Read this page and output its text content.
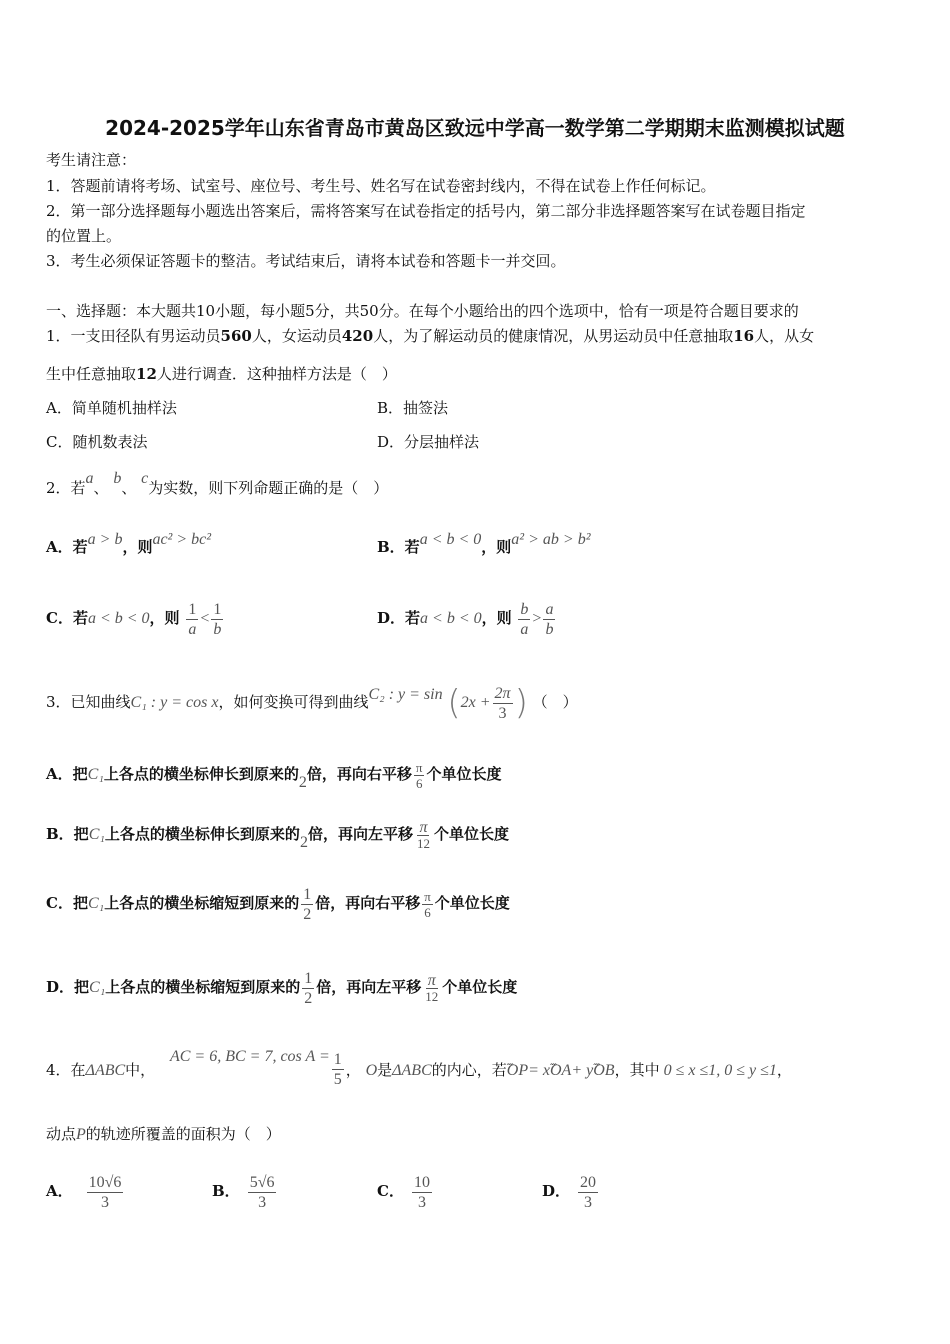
2024-2025学年山东省青岛市黄岛区致远中学高一数学第二学期期末监测模拟试题
考生请注意：
1．答题前请将考场、试室号、座位号、考生号、姓名写在试卷密封线内，不得在试卷上作任何标记。
2．第一部分选择题每小题选出答案后，需将答案写在试卷指定的括号内，第二部分非选择题答案写在试卷题目指定
的位置上。
3．考生必须保证答题卡的整洁。考试结束后，请将本试卷和答题卡一并交回。
一、选择题：本大题共10小题，每小题5分，共50分。在每个小题给出的四个选项中，恰有一项是符合题目要求的
1．一支田径队有男运动员560人，女运动员420人，为了解运动员的健康情况，从男运动员中任意抽取16人，从女
生中任意抽取12人进行调查．这种抽样方法是（　）
A．简单随机抽样法	B．抽签法
C．随机数表法	D．分层抽样法
2．若a、 b、 c为实数，则下列命题正确的是（　）
A．若a > b，则ac² > bc²	B．若a < b < 0，则a² > ab > b²
C．若a < b < 0，则 $\frac{1}{a} < \frac{1}{b}$	D．若a < b < 0，则 $\frac{b}{a} > \frac{a}{b}$
3．已知曲线C₁ : y = cos x，如何变换可得到曲线C₂ : $y = \sin (2x + \frac{2\pi}{3}$ ) （　）
A．把C₁上各点的横坐标伸长到原来的2倍，再向右平移 $\frac{\pi}{6}$ 个单位长度
B．把C₁上各点的横坐标伸长到原来的2倍，再向左平移 $\frac{\pi}{12}$ 个单位长度
C．把C₁上各点的横坐标缩短到原来的 $\frac{1}{2}$ 倍，再向右平移 $\frac{\pi}{6}$ 个单位长度
D．把C₁上各点的横坐标缩短到原来的 $\frac{1}{2}$ 倍，再向左平移 $\frac{\pi}{12}$ 个单位长度
4．在ΔABC中， AC = 6, BC = 7, $\cos A = \frac{1}{5}$ ， O是ΔABC的内心，若ꞈꞈꞈ OP= xꞈꞈꞈ OA+ yꞈꞈꞈ OB，其中 0 ≤ x ≤1, 0 ≤ y ≤1，
动点P的轨迹所覆盖的面积为（　）
A． $\frac{10√6}{3}$	B． $\frac{5√6}{3}$	C． $\frac{10}{3}$	D． $\frac{20}{3}$
